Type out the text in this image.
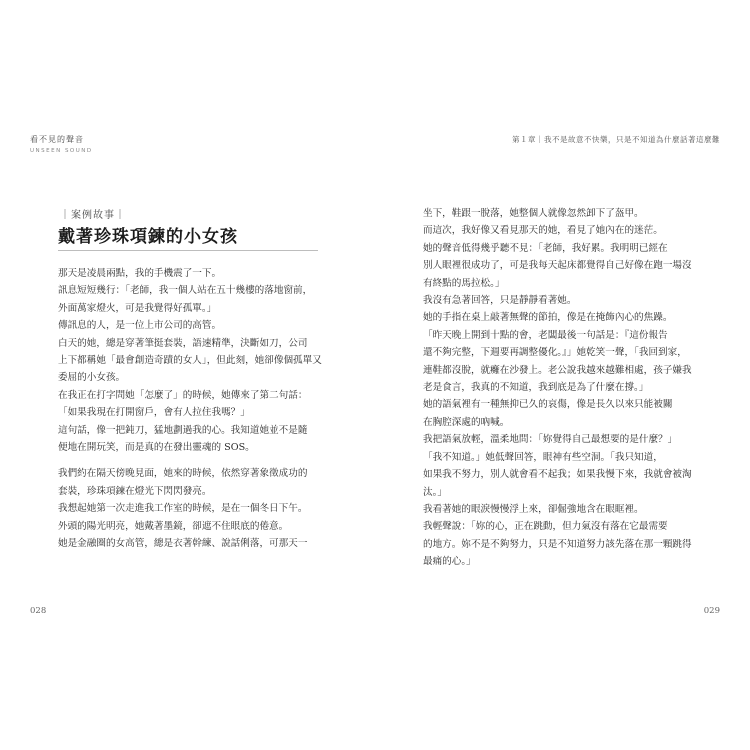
看不見的聲音
UNSEEN SOUND
｜案例故事｜
戴著珍珠項鍊的小女孩
那天是凌晨兩點，我的手機震了一下。
訊息短短幾行：「老師，我一個人站在五十幾樓的落地窗前，
外面萬家燈火，可是我覺得好孤單。」
傳訊息的人，是一位上市公司的高管。
白天的她，總是穿著筆挺套裝，語速精準，決斷如刀，公司
上下都稱她「最會創造奇蹟的女人」，但此刻，她卻像個孤單又
委屈的小女孩。
在我正在打字問她「怎麼了」的時候，她傳來了第二句話：
「如果我現在打開窗戶，會有人拉住我嗎？」
這句話，像一把鈍刀，猛地劃過我的心。我知道她並不是隨
便地在開玩笑，而是真的在發出靈魂的 SOS。
我們約在隔天傍晚見面，她來的時候，依然穿著象徵成功的
套裝，珍珠項鍊在燈光下閃閃發亮。
我想起她第一次走進我工作室的時候，是在一個冬日下午。
外頭的陽光明亮，她戴著墨鏡，卻遮不住眼底的倦意。
她是金融圈的女高管，總是衣著幹練、說話俐落，可那天一
028
第１章｜我不是故意不快樂，只是不知道為什麼話著這麼難
坐下，鞋跟一脫落，她整個人就像忽然卸下了盔甲。
而這次，我好像又看見那天的她，看見了她內在的迷茫。
她的聲音低得幾乎聽不見：「老師，我好累。我明明已經在
別人眼裡很成功了，可是我每天起床都覺得自己好像在跑一場沒
有終點的馬拉松。」
我沒有急著回答，只是靜靜看著她。
她的手指在桌上敲著無聲的節拍，像是在掩飾內心的焦躁。
「昨天晚上開到十點的會，老闆最後一句話是：『這份報告
還不夠完整，下週要再調整優化。』」她乾笑一聲，「我回到家，
連鞋都沒脫，就癱在沙發上。老公說我越來越難相處，孩子嫌我
老是食言，我真的不知道，我到底是為了什麼在撐。」
她的語氣裡有一種無抑已久的哀傷，像是長久以來只能被關
在胸腔深處的吶喊。
我把語氣放輕，溫柔地問：「妳覺得自己最想要的是什麼？」
「我不知道。」她低聲回答，眼神有些空洞。「我只知道，
如果我不努力，別人就會看不起我；如果我慢下來，我就會被淘
汰。」
我看著她的眼淚慢慢浮上來，卻倔強地含在眼眶裡。
我輕聲說：「妳的心，正在跳動，但力氣沒有落在它最需要
的地方。妳不是不夠努力，只是不知道努力該先落在那一顆跳得
最痛的心。」
029
